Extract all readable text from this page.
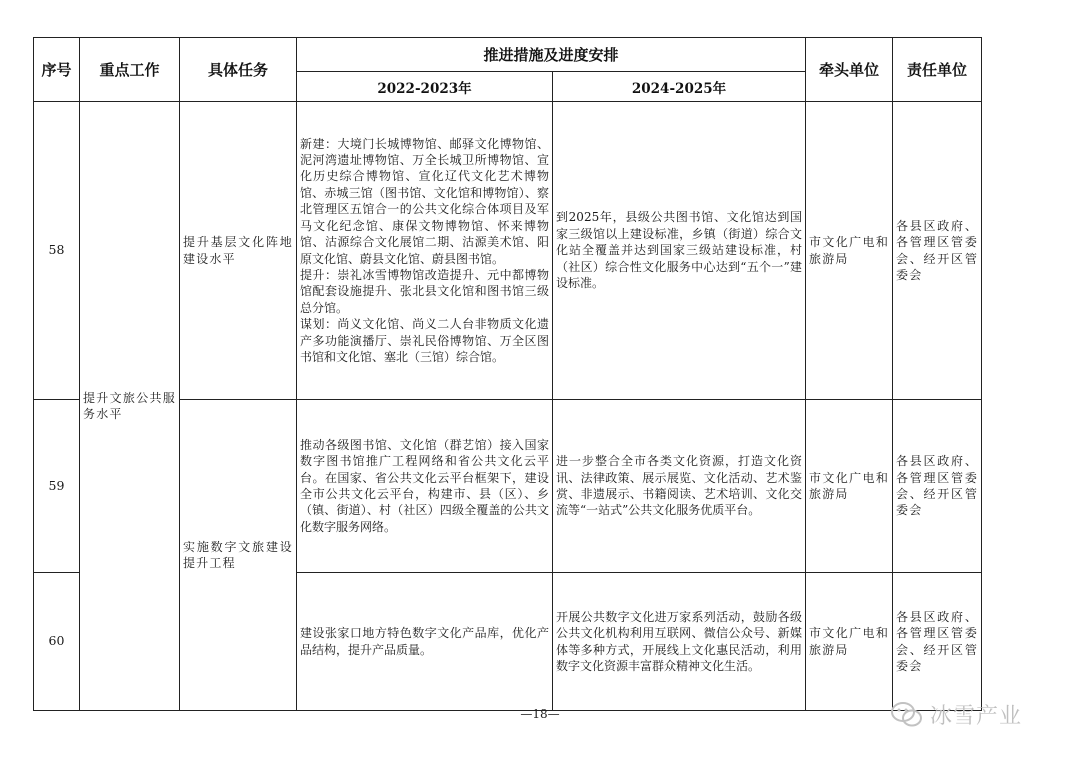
序号	重点工作	具体任务	推进措施及进度安排		牵头单位	责任单位
			2022-2023年	2024-2025年		
58	提升文旅公共服务水平	提升基层文化阵地建设水平	新建：大境门长城博物馆、邮驿文化博物馆、泥河湾遗址博物馆、万全长城卫所博物馆、宣化历史综合博物馆、宣化辽代文化艺术博物馆、赤城三馆（图书馆、文化馆和博物馆）、察北管理区五馆合一的公共文化综合体项目及军马文化纪念馆、康保文物博物馆、怀来博物馆、沽源综合文化展馆二期、沽源美术馆、阳原文化馆、蔚县文化馆、蔚县图书馆。
提升：崇礼冰雪博物馆改造提升、元中都博物馆配套设施提升、张北县文化馆和图书馆三级总分馆。
谋划：尚义文化馆、尚义二人台非物质文化遗产多功能演播厅、崇礼民俗博物馆、万全区图书馆和文化馆、塞北（三馆）综合馆。	到2025年，县级公共图书馆、文化馆达到国家三级馆以上建设标准，乡镇（街道）综合文化站全覆盖并达到国家三级站建设标准，村（社区）综合性文化服务中心达到“五个一”建设标准。	市文化广电和旅游局	各县区政府、各管理区管委会、经开区管委会

59		实施数字文旅建设提升工程	推动各级图书馆、文化馆（群艺馆）接入国家数字图书馆推广工程网络和省公共文化云平台。在国家、省公共文化云平台框架下，建设全市公共文化云平台，构建市、县（区）、乡（镇、街道）、村（社区）四级全覆盖的公共文化数字服务网络。	进一步整合全市各类文化资源，打造文化资讯、法律政策、展示展览、文化活动、艺术鉴赏、非遗展示、书籍阅读、艺术培训、文化交流等“一站式”公共文化服务优质平台。	市文化广电和旅游局	各县区政府、各管理区管委会、经开区管委会

60			建设张家口地方特色数字文化产品库，优化产品结构，提升产品质量。	开展公共数字文化进万家系列活动，鼓励各级公共文化机构利用互联网、微信公众号、新媒体等多种方式，开展线上文化惠民活动，利用数字文化资源丰富群众精神文化生活。	市文化广电和旅游局	各县区政府、各管理区管委会、经开区管委会
—18—	冰雪产业
